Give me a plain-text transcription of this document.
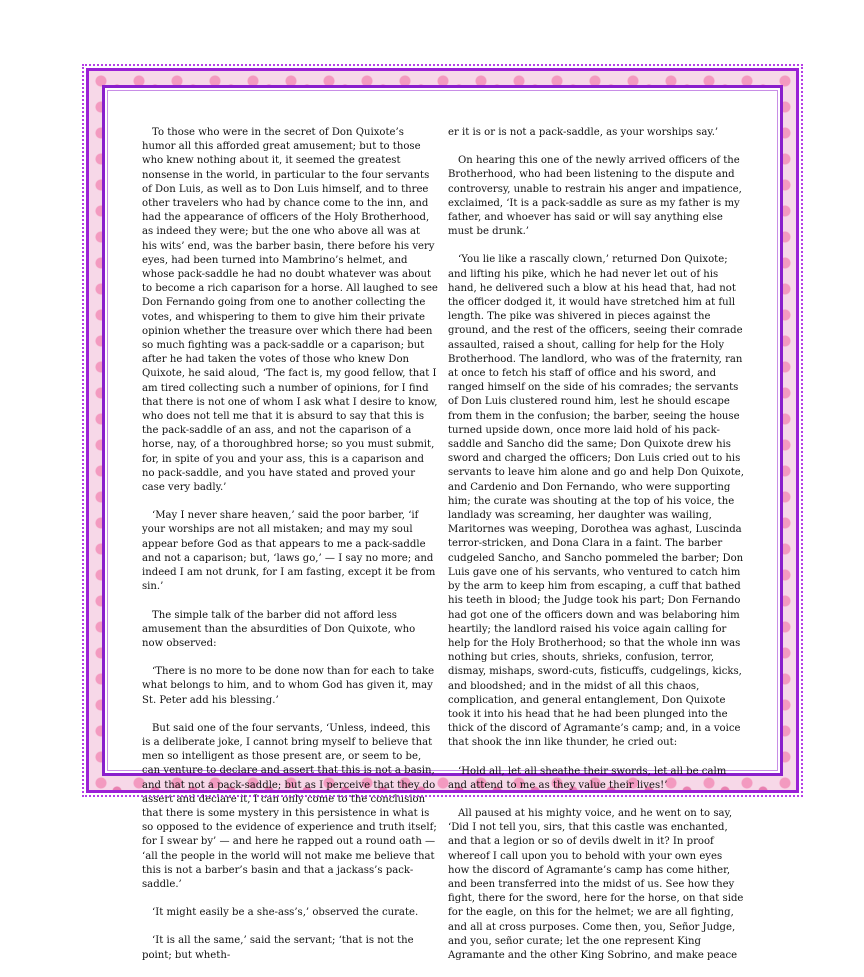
To those who were in the secret of Don Quixote’s humor all this afforded great amusement; but to those who knew nothing about it, it seemed the greatest nonsense in the world, in particular to the four servants of Don Luis, as well as to Don Luis himself, and to three other travelers who had by chance come to the inn, and had the appearance of officers of the Holy Brotherhood, as indeed they were; but the one who above all was at his wits’ end, was the barber basin, there before his very eyes, had been turned into Mambrino’s helmet, and whose pack-saddle he had no doubt whatever was about to become a rich caparison for a horse. All laughed to see Don Fernando going from one to another collecting the votes, and whispering to them to give him their private opinion whether the treasure over which there had been so much fighting was a pack-saddle or a caparison; but after he had taken the votes of those who knew Don Quixote, he said aloud, ‘The fact is, my good fellow, that I am tired collecting such a number of opinions, for I find that there is not one of whom I ask what I desire to know, who does not tell me that it is absurd to say that this is the pack-saddle of an ass, and not the caparison of a horse, nay, of a thoroughbred horse; so you must submit, for, in spite of you and your ass, this is a caparison and no pack-saddle, and you have stated and proved your case very badly.’

‘May I never share heaven,’ said the poor barber, ‘if your worships are not all mistaken; and may my soul appear before God as that appears to me a pack-saddle and not a caparison; but, ‘laws go,’ — I say no more; and indeed I am not drunk, for I am fasting, except it be from sin.’

The simple talk of the barber did not afford less amusement than the absurdities of Don Quixote, who now observed:

‘There is no more to be done now than for each to take what belongs to him, and to whom God has given it, may St. Peter add his blessing.’

But said one of the four servants, ‘Unless, indeed, this is a deliberate joke, I cannot bring myself to believe that men so intelligent as those present are, or seem to be, can venture to declare and assert that this is not a basin, and that not a pack-saddle; but as I perceive that they do assert and declare it, I can only come to the conclusion that there is some mystery in this persistence in what is so opposed to the evidence of experience and truth itself; for I swear by’ — and here he rapped out a round oath — ‘all the people in the world will not make me believe that this is not a barber’s basin and that a jackass’s pack-saddle.’

‘It might easily be a she-ass’s,’ observed the curate.

‘It is all the same,’ said the servant; ‘that is not the point; but wheth-

er it is or is not a pack-saddle, as your worships say.’

On hearing this one of the newly arrived officers of the Brotherhood, who had been listening to the dispute and controversy, unable to restrain his anger and impatience, exclaimed, ‘It is a pack-saddle as sure as my father is my father, and whoever has said or will say anything else must be drunk.’

‘You lie like a rascally clown,’ returned Don Quixote; and lifting his pike, which he had never let out of his hand, he delivered such a blow at his head that, had not the officer dodged it, it would have stretched him at full length. The pike was shivered in pieces against the ground, and the rest of the officers, seeing their comrade assaulted, raised a shout, calling for help for the Holy Brotherhood. The landlord, who was of the fraternity, ran at once to fetch his staff of office and his sword, and ranged himself on the side of his comrades; the servants of Don Luis clustered round him, lest he should escape from them in the confusion; the barber, seeing the house turned upside down, once more laid hold of his pack-saddle and Sancho did the same; Don Quixote drew his sword and charged the officers; Don Luis cried out to his servants to leave him alone and go and help Don Quixote, and Cardenio and Don Fernando, who were supporting him; the curate was shouting at the top of his voice, the landlady was screaming, her daughter was wailing, Maritornes was weeping, Dorothea was aghast, Luscinda terror-stricken, and Dona Clara in a faint. The barber cudgeled Sancho, and Sancho pommeled the barber; Don Luis gave one of his servants, who ventured to catch him by the arm to keep him from escaping, a cuff that bathed his teeth in blood; the Judge took his part; Don Fernando had got one of the officers down and was belaboring him heartily; the landlord raised his voice again calling for help for the Holy Brotherhood; so that the whole inn was nothing but cries, shouts, shrieks, confusion, terror, dismay, mishaps, sword-cuts, fisticuffs, cudgelings, kicks, and bloodshed; and in the midst of all this chaos, complication, and general entanglement, Don Quixote took it into his head that he had been plunged into the thick of the discord of Agramante’s camp; and, in a voice that shook the inn like thunder, he cried out:

‘Hold all, let all sheathe their swords, let all be calm and attend to me as they value their lives!’

All paused at his mighty voice, and he went on to say, ‘Did I not tell you, sirs, that this castle was enchanted, and that a legion or so of devils dwelt in it? In proof whereof I call upon you to behold with your own eyes how the discord of Agramante’s camp has come hither, and been transferred into the midst of us. See how they fight, there for the sword, here for the horse, on that side for the eagle, on this for the helmet; we are all fighting, and all at cross purposes. Come then, you, Señor Judge, and you, señor curate; let the one represent King Agramante and the other King Sobrino, and make peace
